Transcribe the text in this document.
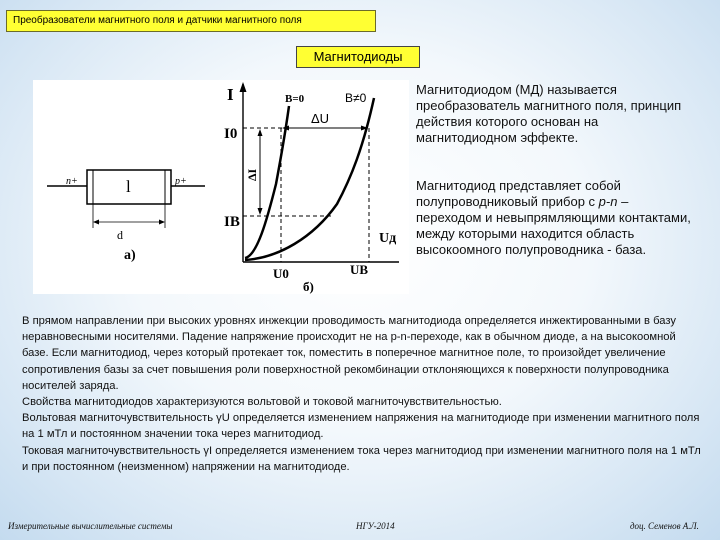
Преобразователи магнитного поля и датчики магнитного поля
Магнитодиоды
n+	l	p+
d
а)
I	B=0	B≠0
ΔU
ΔI
I0
IB
Uд
U0	UB
б)

Магнитодиодом (МД) называется преобразователь магнитного поля, принцип действия которого основан на магнитодиодном эффекте.

Магнитодиод представляет собой полупроводниковый прибор с p-n – переходом и невыпрямляющими контактами, между которыми находится область высокоомного полупроводника - база.

В прямом направлении при высоких уровнях инжекции проводимость магнитодиода определяется инжектированными в базу неравновесными носителями. Падение напряжение происходит не на p-n-переходе, как в обычном диоде, а на высокоомной базе. Если магнитодиод, через который протекает ток, поместить в поперечное магнитное поле, то произойдет увеличение сопротивления базы за счет повышения роли поверхностной рекомбинации отклоняющихся к поверхности полупроводника носителей заряда.

Свойства магнитодиодов характеризуются вольтовой и токовой магниточувствительностью.

Вольтовая магниточувствительность γU определяется изменением напряжения на магнитодиоде при изменении магнитного поля на 1 мТл и постоянном значении тока через магнитодиод.

Токовая магниточувствительность γI определяется изменением тока через магнитодиод при изменении магнитного поля на 1 мТл и при постоянном (неизменном) напряжении на магнитодиоде.

Измерительные вычислительные системы	НГУ-2014	доц. Семенов А.Л.
